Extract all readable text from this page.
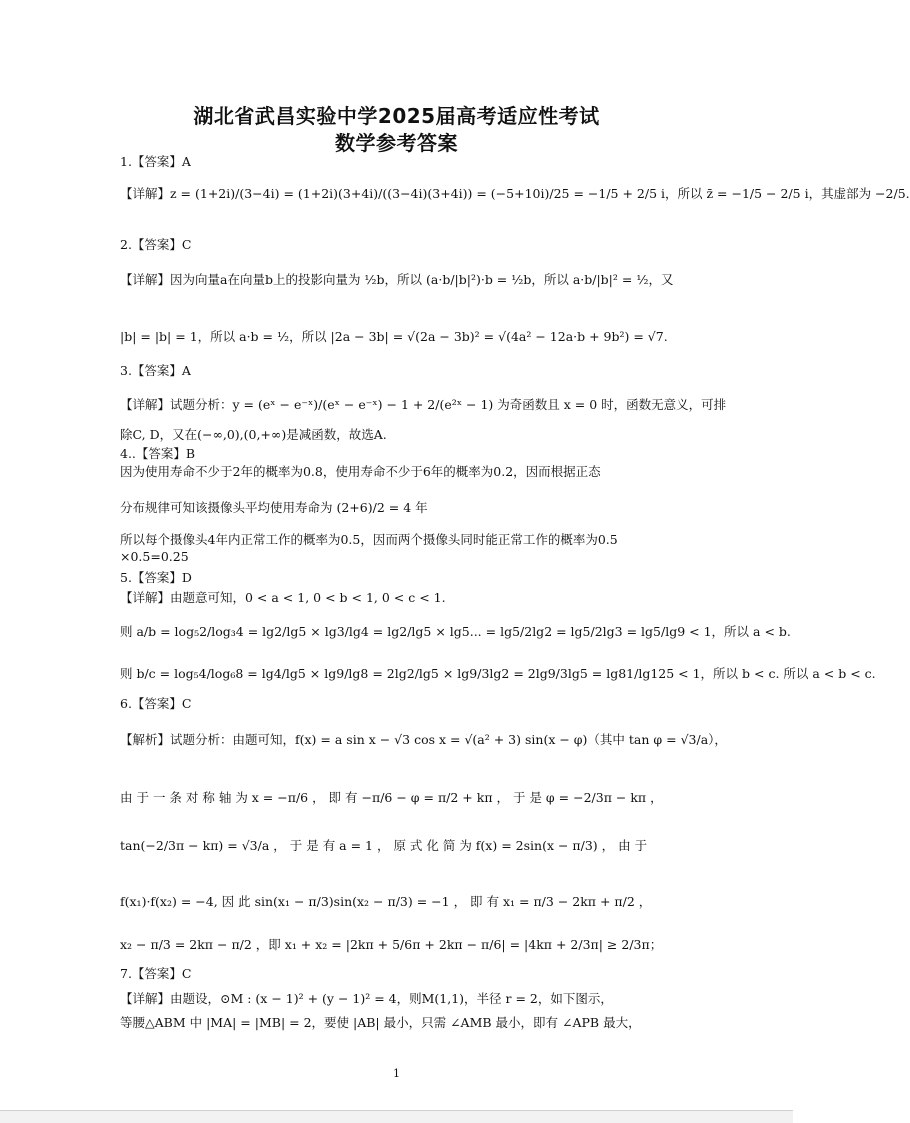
湖北省武昌实验中学2025届高考适应性考试
数学参考答案
1.【答案】A
【详解】z = (1+2i)/(3−4i) = (1+2i)(3+4i)/((3−4i)(3+4i)) = (−5+10i)/25 = −1/5 + 2/5 i，所以 z̄ = −1/5 − 2/5 i，其虚部为 −2/5.
2.【答案】C
【详解】因为向量a在向量b上的投影向量为 ½b，所以 (a·b/|b|²)·b = ½b，所以 a·b/|b|² = ½，又
|b| = |b| = 1，所以 a·b = ½，所以 |2a − 3b| = √(2a − 3b)² = √(4a² − 12a·b + 9b²) = √7.
3.【答案】A
【详解】试题分析：y = (eˣ − e⁻ˣ)/(eˣ − e⁻ˣ) − 1 + 2/(e²ˣ − 1) 为奇函数且 x = 0 时，函数无意义，可排
除C, D，又在(−∞,0),(0,+∞)是减函数，故选A.
4..【答案】B
因为使用寿命不少于2年的概率为0.8，使用寿命不少于6年的概率为0.2，因而根据正态
分布规律可知该摄像头平均使用寿命为 (2+6)/2 = 4 年
所以每个摄像头4年内正常工作的概率为0.5，因而两个摄像头同时能正常工作的概率为0.5
×0.5=0.25
5.【答案】D
【详解】由题意可知，0 < a < 1, 0 < b < 1, 0 < c < 1.
则 a/b = log₅2/log₃4 = lg2/lg5 × lg3/lg4 = lg2/lg5 × lg5... = lg5/2lg2 = lg5/2lg3 = lg5/lg9 < 1，所以 a < b.
则 b/c = log₅4/log₆8 = lg4/lg5 × lg9/lg8 = 2lg2/lg5 × lg9/3lg2 = 2lg9/3lg5 = lg81/lg125 < 1，所以 b < c. 所以 a < b < c.
6.【答案】C
【解析】试题分析：由题可知，f(x) = a sin x − √3 cos x = √(a² + 3) sin(x − φ)（其中 tan φ = √3/a），
由 于 一 条 对 称 轴 为 x = −π/6 ， 即 有 −π/6 − φ = π/2 + kπ ， 于 是 φ = −2/3π − kπ ，
tan(−2/3π − kπ) = √3/a ， 于 是 有 a = 1 ， 原 式 化 简 为 f(x) = 2sin(x − π/3) ， 由 于
f(x₁)·f(x₂) = −4, 因 此 sin(x₁ − π/3)sin(x₂ − π/3) = −1 ， 即 有 x₁ = π/3 − 2kπ + π/2 ，
x₂ − π/3 = 2kπ − π/2 ，即 x₁ + x₂ = |2kπ + 5/6π + 2kπ − π/6| = |4kπ + 2/3π| ≥ 2/3π；
7.【答案】C
【详解】由题设，⊙M : (x − 1)² + (y − 1)² = 4，则M(1,1)，半径 r = 2，如下图示，
等腰△ABM 中 |MA| = |MB| = 2，要使 |AB| 最小，只需 ∠AMB 最小，即有 ∠APB 最大，
1
